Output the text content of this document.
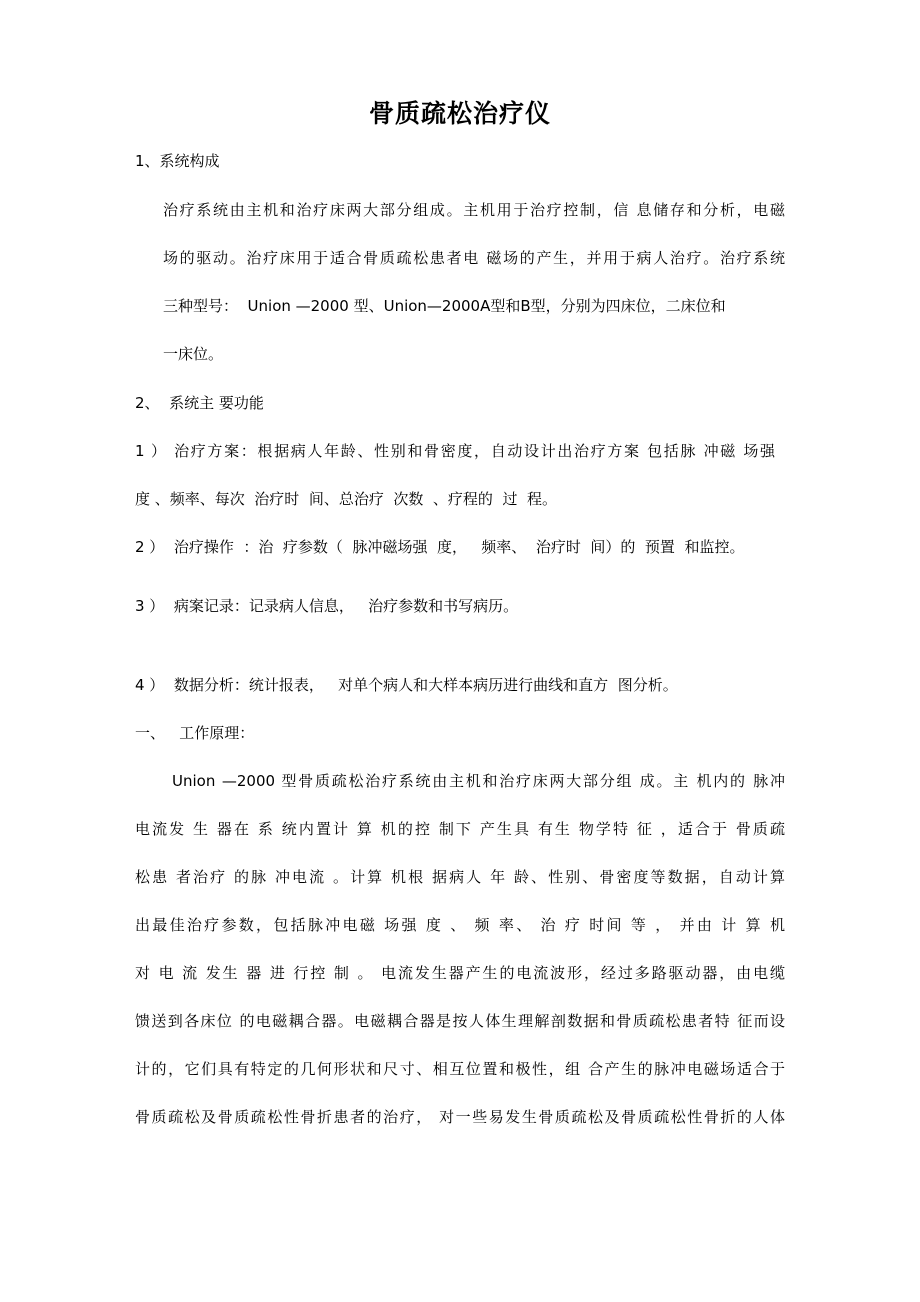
骨质疏松治疗仪
1、系统构成
治疗系统由主机和治疗床两大部分组成。主机用于治疗控制，信 息储存和分析，电磁
场的驱动。治疗床用于适合骨质疏松患者电 磁场的产生，并用于病人治疗。治疗系统
三种型号：  Union —2000 型、Union—2000A型和B型，分别为四床位，二床位和
一床位。
2、  系统主 要功能
1 ） 治疗方案：根据病人年龄、性别和骨密度，自动设计出治疗方案 包括脉 冲磁 场强
度 、频率、每次  治疗时  间、总治疗  次数  、疗程的  过  程。
2 ）  治疗操作  ：治  疗参数（  脉冲磁场强  度，   频率、  治疗时  间）的  预置  和监控。
3 ）  病案记录：记录病人信息，   治疗参数和书写病历。
4 ）  数据分析：统计报表，   对单个病人和大样本病历进行曲线和直方  图分析。
一、   工作原理：
Union —2000 型骨质疏松治疗系统由主机和治疗床两大部分组 成。主 机内的 脉冲
电流发 生 器在 系 统内置计 算 机的控 制下 产生具 有生 物学特 征 ，适合于 骨质疏
松患 者治疗 的脉 冲电流 。计算 机根 据病人 年 龄、性别、骨密度等数据，自动计算
出最佳治疗参数，包括脉冲电磁 场强 度 、 频 率、 治 疗 时间 等 ， 并由 计 算 机
对 电 流 发生 器 进 行控 制 。 电流发生器产生的电流波形，经过多路驱动器，由电缆
馈送到各床位 的电磁耦合器。电磁耦合器是按人体生理解剖数据和骨质疏松患者特 征而设
计的，它们具有特定的几何形状和尺寸、相互位置和极性，组 合产生的脉冲电磁场适合于
骨质疏松及骨质疏松性骨折患者的治疗， 对一些易发生骨质疏松及骨质疏松性骨折的人体
